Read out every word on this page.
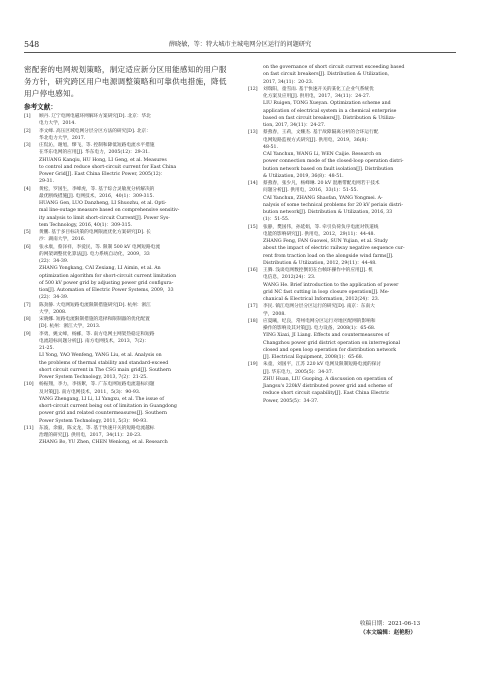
548	薛晓敏，等：特大城市主城电网分区运行的问题研究
密配套的电网规划策略，制定适应新分区用能感知的用户服务方针，研究跨区用户电源调整策略和可靠供电措施，降低用户停电感知。
参考文献：
[1]	顾丹. 辽宁电网电磁环网解环方案研究[D]. 北京：华北
电力大学，2014.
[2]	李文峰. 高压区域电网分层分区方法的研究[D]. 北京：
华北电力大学，2017.
[3]	庄侃沁，谢旭，缪飞，等. 控制和降低短路电流水平措施
在华东电网的应用[J]. 华东电力，2005(12)：29-31.
ZHUANG Kanqiu, HU Hong, LI Geng, et al. Measures
to control and reduce short-circuit current for East China
Power Grid[J]. East China Electric Power, 2005(12)：
29-31.
[4]	黄松，罗国生，李峰虎，等. 基于综合灵敏度分析解决的
最优断线措施[J]. 电网技术，2016，40(1)：309-315.
HUANG Gen, LUO Danzheng, LI Shuozhu, et al. Opti-
mal line-outage measure based on comprehensive sensitiv-
ity analysis to limit short-circuit Current[J]. Power Sys-
tem Technology, 2016, 40(1)：309-315.
[5]	黄鹏. 基于多目标决策的电网限流优化方案研究[D]. 长
沙：湖南大学，2016.
[6]	张永康，蔡泽祥，李爱民，等. 限制 500 kV 电网短路电流
的网架调整优化算法[J]. 电力系统自动化，2009，33
(22)：34-39.
ZHANG Yongkang, CAI Zexiang, LI Aimin, et al. An
optimization algorithm for short-circuit current limitation
of 500 kV power grid by adjusting power grid configura-
tion[J]. Automation of Electric Power Systems, 2009，33
(22)：34-39.
[7]	陈劲静. 大电网短路电流限制措施研究[D]. 杭州：浙江
大学，2008.
[8]	宋晓娜. 短路电流限制措施的选择和限制器的优化配置
[D]. 杭州：浙江大学，2013.
[9]	李勇，姚文峰，杨郦，等. 南方电网主网架热稳定和短路
电流超标问题分析[J]. 南方电网技术，2013，7(2)：
21-25.
LI Yong, YAO Wenfeng, YANG Liu, et al. Analysis on
the problems of thermal stability and standard-exceed
short circuit current in The CSG main grid[J]. Southern
Power System Technology, 2013, 7(2)：21-25.
[10]	杨振翔，李力，李扬絮，等. 广东电网短路电流超标问题
及对策[J]. 南方电网技术，2011，5(3)：90-93.
YANG Zhengang, LI Li, LI Yangxu, et al. The issue of
short-circuit current being out of limitation in Guangdong
power grid and related countermeasures[J]. Southern
Power System Technology, 2011, 5(3)：90-93.
[11]	东波，余毅，陈文龙，等. 基于快速开关的短路电流越标
治理的研究[J]. 供用电，2017，34(11)：20-23.
ZHANG Bo, YU Zhen, CHEN Wenlong, et al. Research
on the governance of short circuit current exceeding based
on fast circuit breakers[J]. Distribution & Utilization,
2017, 34(11)：20-23.
[12]	刘瑞阳，童雪雨. 基于快速开关的某化工企业气系统优
化方案及应用[J]. 供用电，2017，34(11)：24-27.
LIU Ruigen, TONG Xueyan. Optimization scheme and
application of electrical system in a chemical enterprise
based on fast circuit breakers[J]. Distribution & Utiliza-
tion, 2017, 34(11)：24-27.
[13]	蔡燕春，王莉，文姗杰. 基于故障隔离分析的合环运行配
电网短路监视方式研究[J]. 供用电，2019，36(8)：
48-51.
CAI Yanchun, WANG Li, WEN Caijie. Research on
power connection mode of the closed-loop operation distri-
bution network based on fault isolation[J]. Distribution
& Utilization, 2019, 36(8)：48-51.
[14]	蔡燕春，张少凡，杨峰琳. 20 kV 混磨带配电网若干技术
问题分析[J]. 供用电，2016，33(1)：51-55.
CAI Yanchun, ZHANG Shaofan, YANG Yongmei. A-
nalysis of some technical problems for 20 kV periais distri-
bution network[J]. Distribution & Utilization, 2016, 33
(1)：51-55.
[15]	张静，樊国伟，孙延娟，等. 牵引负荷负序电流对铁道线
电能的影响研究[J]. 供用电，2012，29(11)：44-48.
ZHANG Feng, FAN Guowei, SUN Yujian, et al. Study
about the impact of electric railway negative sequence cur-
rent from traction load on the alongside wind farms[J].
Distribution & Utilization, 2012, 29(11)：44-48.
[16]	王腾. 浅谈电网数控倒切在台帧环操作中的应用[J]. 机
电信息，2012(24)：23.
WANG He. Brief introduction to the application of power
grid NC fast cutting in loop closure operation[J]. Me-
chanical & Electrical Information, 2012(24)：23.
[17]	李民. 镇江电网分层分区运行的研究[D]. 南京：东南大
学，2008.
[18]	应夏曦，纪良，常州电网分区运行对地区配网的影响和
操作的影响及其对策[J]. 电力设备，2008(1)：65-68.
YING Xiaxi, JI Liang. Effects and countermeasures of
Changzhou power grid district operation on interregional
closed and open loop operation for distribution network
[J]. Electrical Equipment, 2008(1)：65-68.
[19]	朱童，刘国平，江苏 220 kV 电网及限制短路电流的探讨
[J]. 华东电力，2005(5)：34-37.
ZHU Huan, LIU Guoping. A discussion on operation of
Jiangsu's 220kV distributed power grid and scheme of
reduce short circuit capability[J]. East China Electric
Power, 2005(5)：34-37.
收稿日期：2021-06-13
（本文编辑：赵艳粉）
